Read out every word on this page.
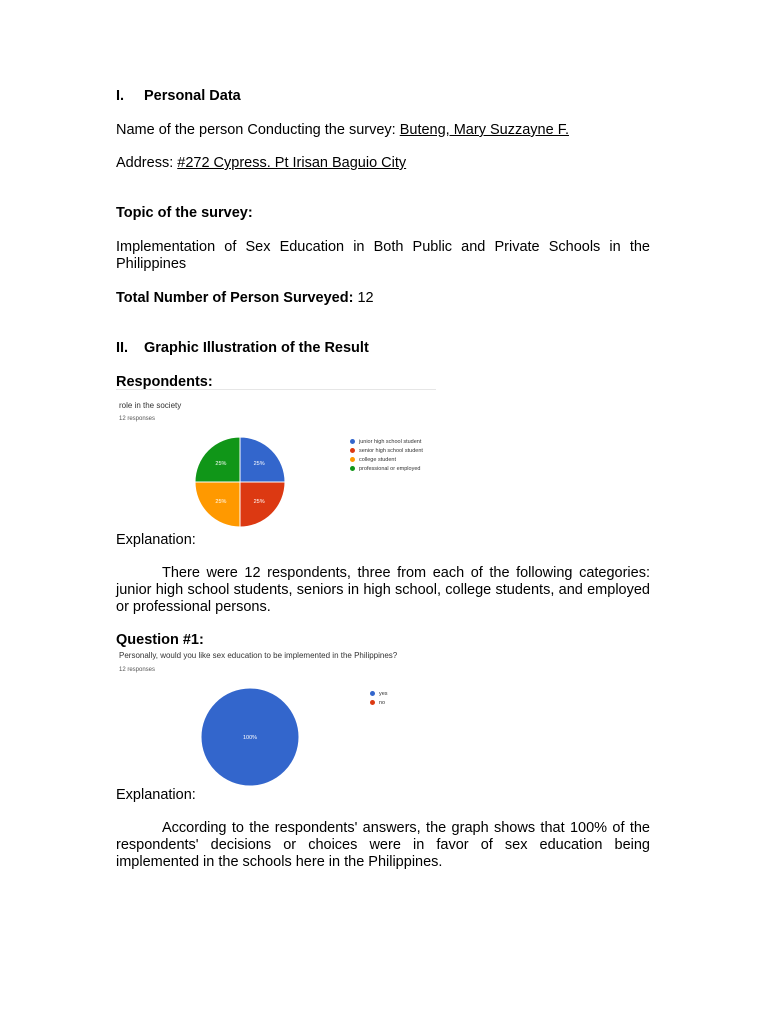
I. Personal Data
Name of the person Conducting the survey: Buteng, Mary Suzzayne F.
Address: #272 Cypress. Pt Irisan Baguio City
Topic of the survey:
Implementation of Sex Education in Both Public and Private Schools in the Philippines
Total Number of Person Surveyed: 12
II. Graphic Illustration of the Result
Respondents:
role in the society
12 responses
25%
25%
25%
25%
junior high school student
senior high school student
college student
professional or employed
Explanation:
There were 12 respondents, three from each of the following categories: junior high school students, seniors in high school, college students, and employed or professional persons.
Question #1:
Personally, would you like sex education to be implemented in the Philippines?
12 responses
100%
yes
no
Explanation:
According to the respondents' answers, the graph shows that 100% of the respondents' decisions or choices were in favor of sex education being implemented in the schools here in the Philippines.
